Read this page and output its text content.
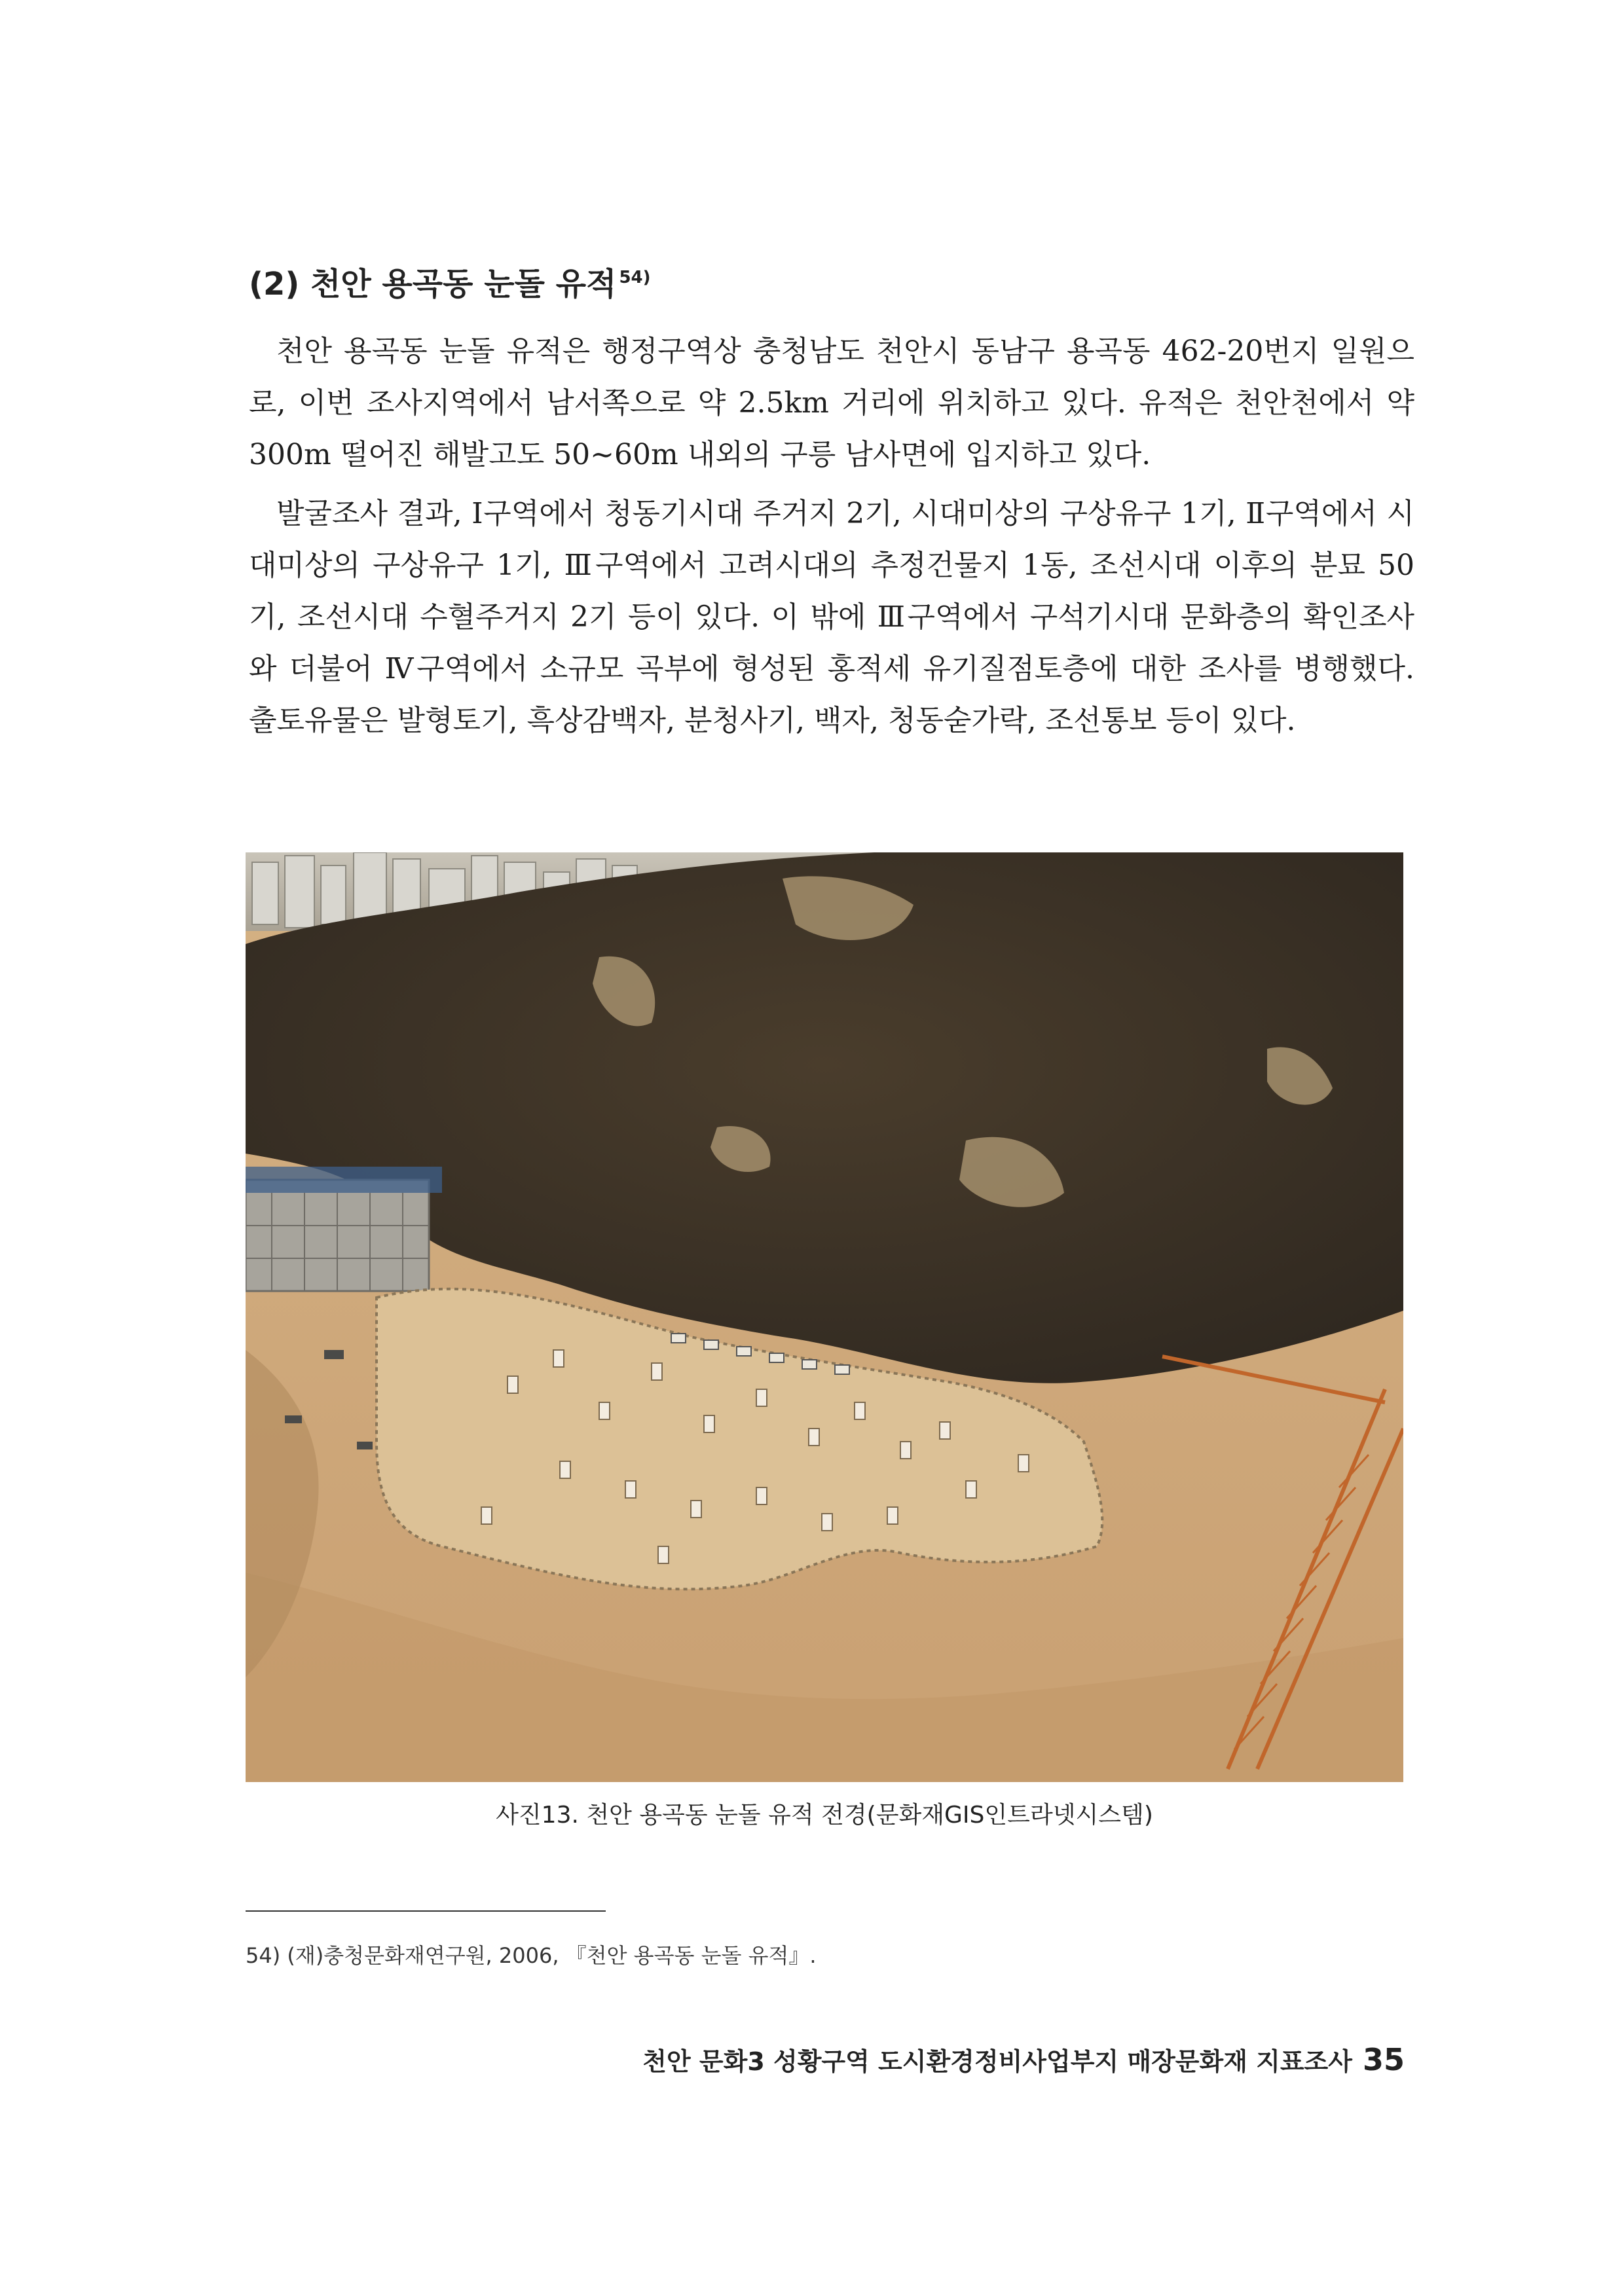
(2) 천안 용곡동 눈돌 유적 $^{54)}$

천안 용곡동 눈돌 유적은 행정구역상 충청남도 천안시 동남구 용곡동 462-20번지 일원으로, 이번 조사지역에서 남서쪽으로 약 2.5km 거리에 위치하고 있다. 유적은 천안천에서 약 300m 떨어진 해발고도 50∼60m 내외의 구릉 남사면에 입지하고 있다.

발굴조사 결과, Ⅰ구역에서 청동기시대 주거지 2기, 시대미상의 구상유구 1기, Ⅱ구역에서 시대미상의 구상유구 1기, Ⅲ구역에서 고려시대의 추정건물지 1동, 조선시대 이후의 분묘 50기, 조선시대 수혈주거지 2기 등이 있다. 이 밖에 Ⅲ구역에서 구석기시대 문화층의 확인조사와 더불어 Ⅳ구역에서 소규모 곡부에 형성된 홍적세 유기질점토층에 대한 조사를 병행했다. 출토유물은 발형토기, 흑상감백자, 분청사기, 백자, 청동숟가락, 조선통보 등이 있다.

사진13. 천안 용곡동 눈돌 유적 전경(문화재GIS인트라넷시스템)
54) (재)충청문화재연구원, 2006, 『천안 용곡동 눈돌 유적』.
천안 문화3 성황구역 도시환경정비사업부지 매장문화재 지표조사 35
